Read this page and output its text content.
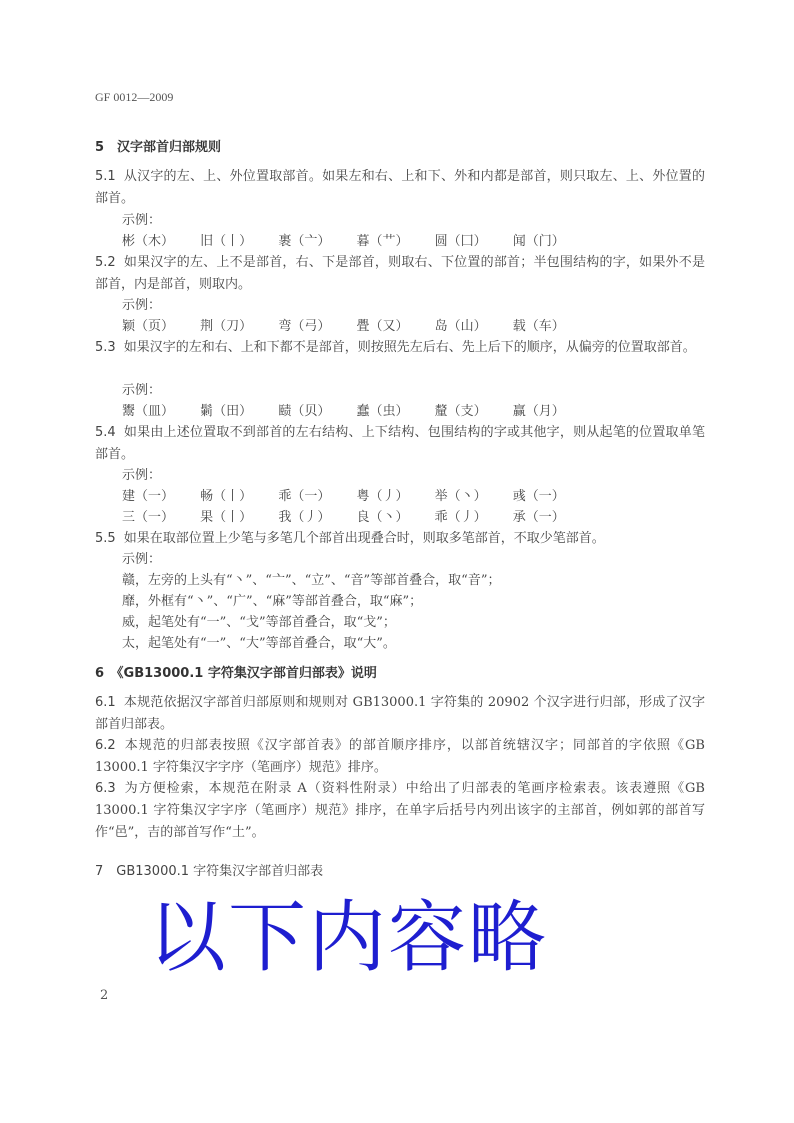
GF 0012—2009
5　汉字部首归部规则
5.1 从汉字的左、上、外位置取部首。如果左和右、上和下、外和内都是部首，则只取左、上、外位置的部首。
示例：
彬（木） 旧（丨） 裹（亠） 暮（艹） 圆（囗） 闻（门）
5.2 如果汉字的左、上不是部首，右、下是部首，则取右、下位置的部首；半包围结构的字，如果外不是部首，内是部首，则取内。
示例：
颖（页） 荆（刀） 弯（弓） 舋（又） 岛（山） 载（车）
5.3 如果汉字的左和右、上和下都不是部首，则按照先左后右、先上后下的顺序，从偏旁的位置取部首。
示例：
鬻（皿） 鬎（田） 赜（贝） 蠢（虫） 釐（支） 赢（月）
5.4 如果由上述位置取不到部首的左右结构、上下结构、包围结构的字或其他字，则从起笔的位置取单笔部首。
示例：
建（一） 畅（丨） 乖（一） 粤（丿） 举（丶） 彧（一）
三（一） 果（丨） 我（丿） 良（丶） 乖（丿） 承（一）
5.5 如果在取部位置上少笔与多笔几个部首出现叠合时，则取多笔部首，不取少笔部首。
示例：
赣，左旁的上头有“丶”、“亠”、“立”、“音”等部首叠合，取“音”；
靡，外框有“丶”、“广”、“麻”等部首叠合，取“麻”；
威，起笔处有“一”、“戈”等部首叠合，取“戈”；
太，起笔处有“一”、“大”等部首叠合，取“大”。
6　《GB13000.1 字符集汉字部首归部表》说明
6.1 本规范依据汉字部首归部原则和规则对 GB13000.1 字符集的 20902 个汉字进行归部，形成了汉字部首归部表。
6.2 本规范的归部表按照《汉字部首表》的部首顺序排序，以部首统辖汉字；同部首的字依照《GB 13000.1 字符集汉字字序（笔画序）规范》排序。
6.3 为方便检索，本规范在附录 A（资料性附录）中给出了归部表的笔画序检索表。该表遵照《GB 13000.1 字符集汉字字序（笔画序）规范》排序，在单字后括号内列出该字的主部首，例如郭的部首写作“邑”，吉的部首写作“土”。
7　GB13000.1 字符集汉字部首归部表
以下内容略
2
